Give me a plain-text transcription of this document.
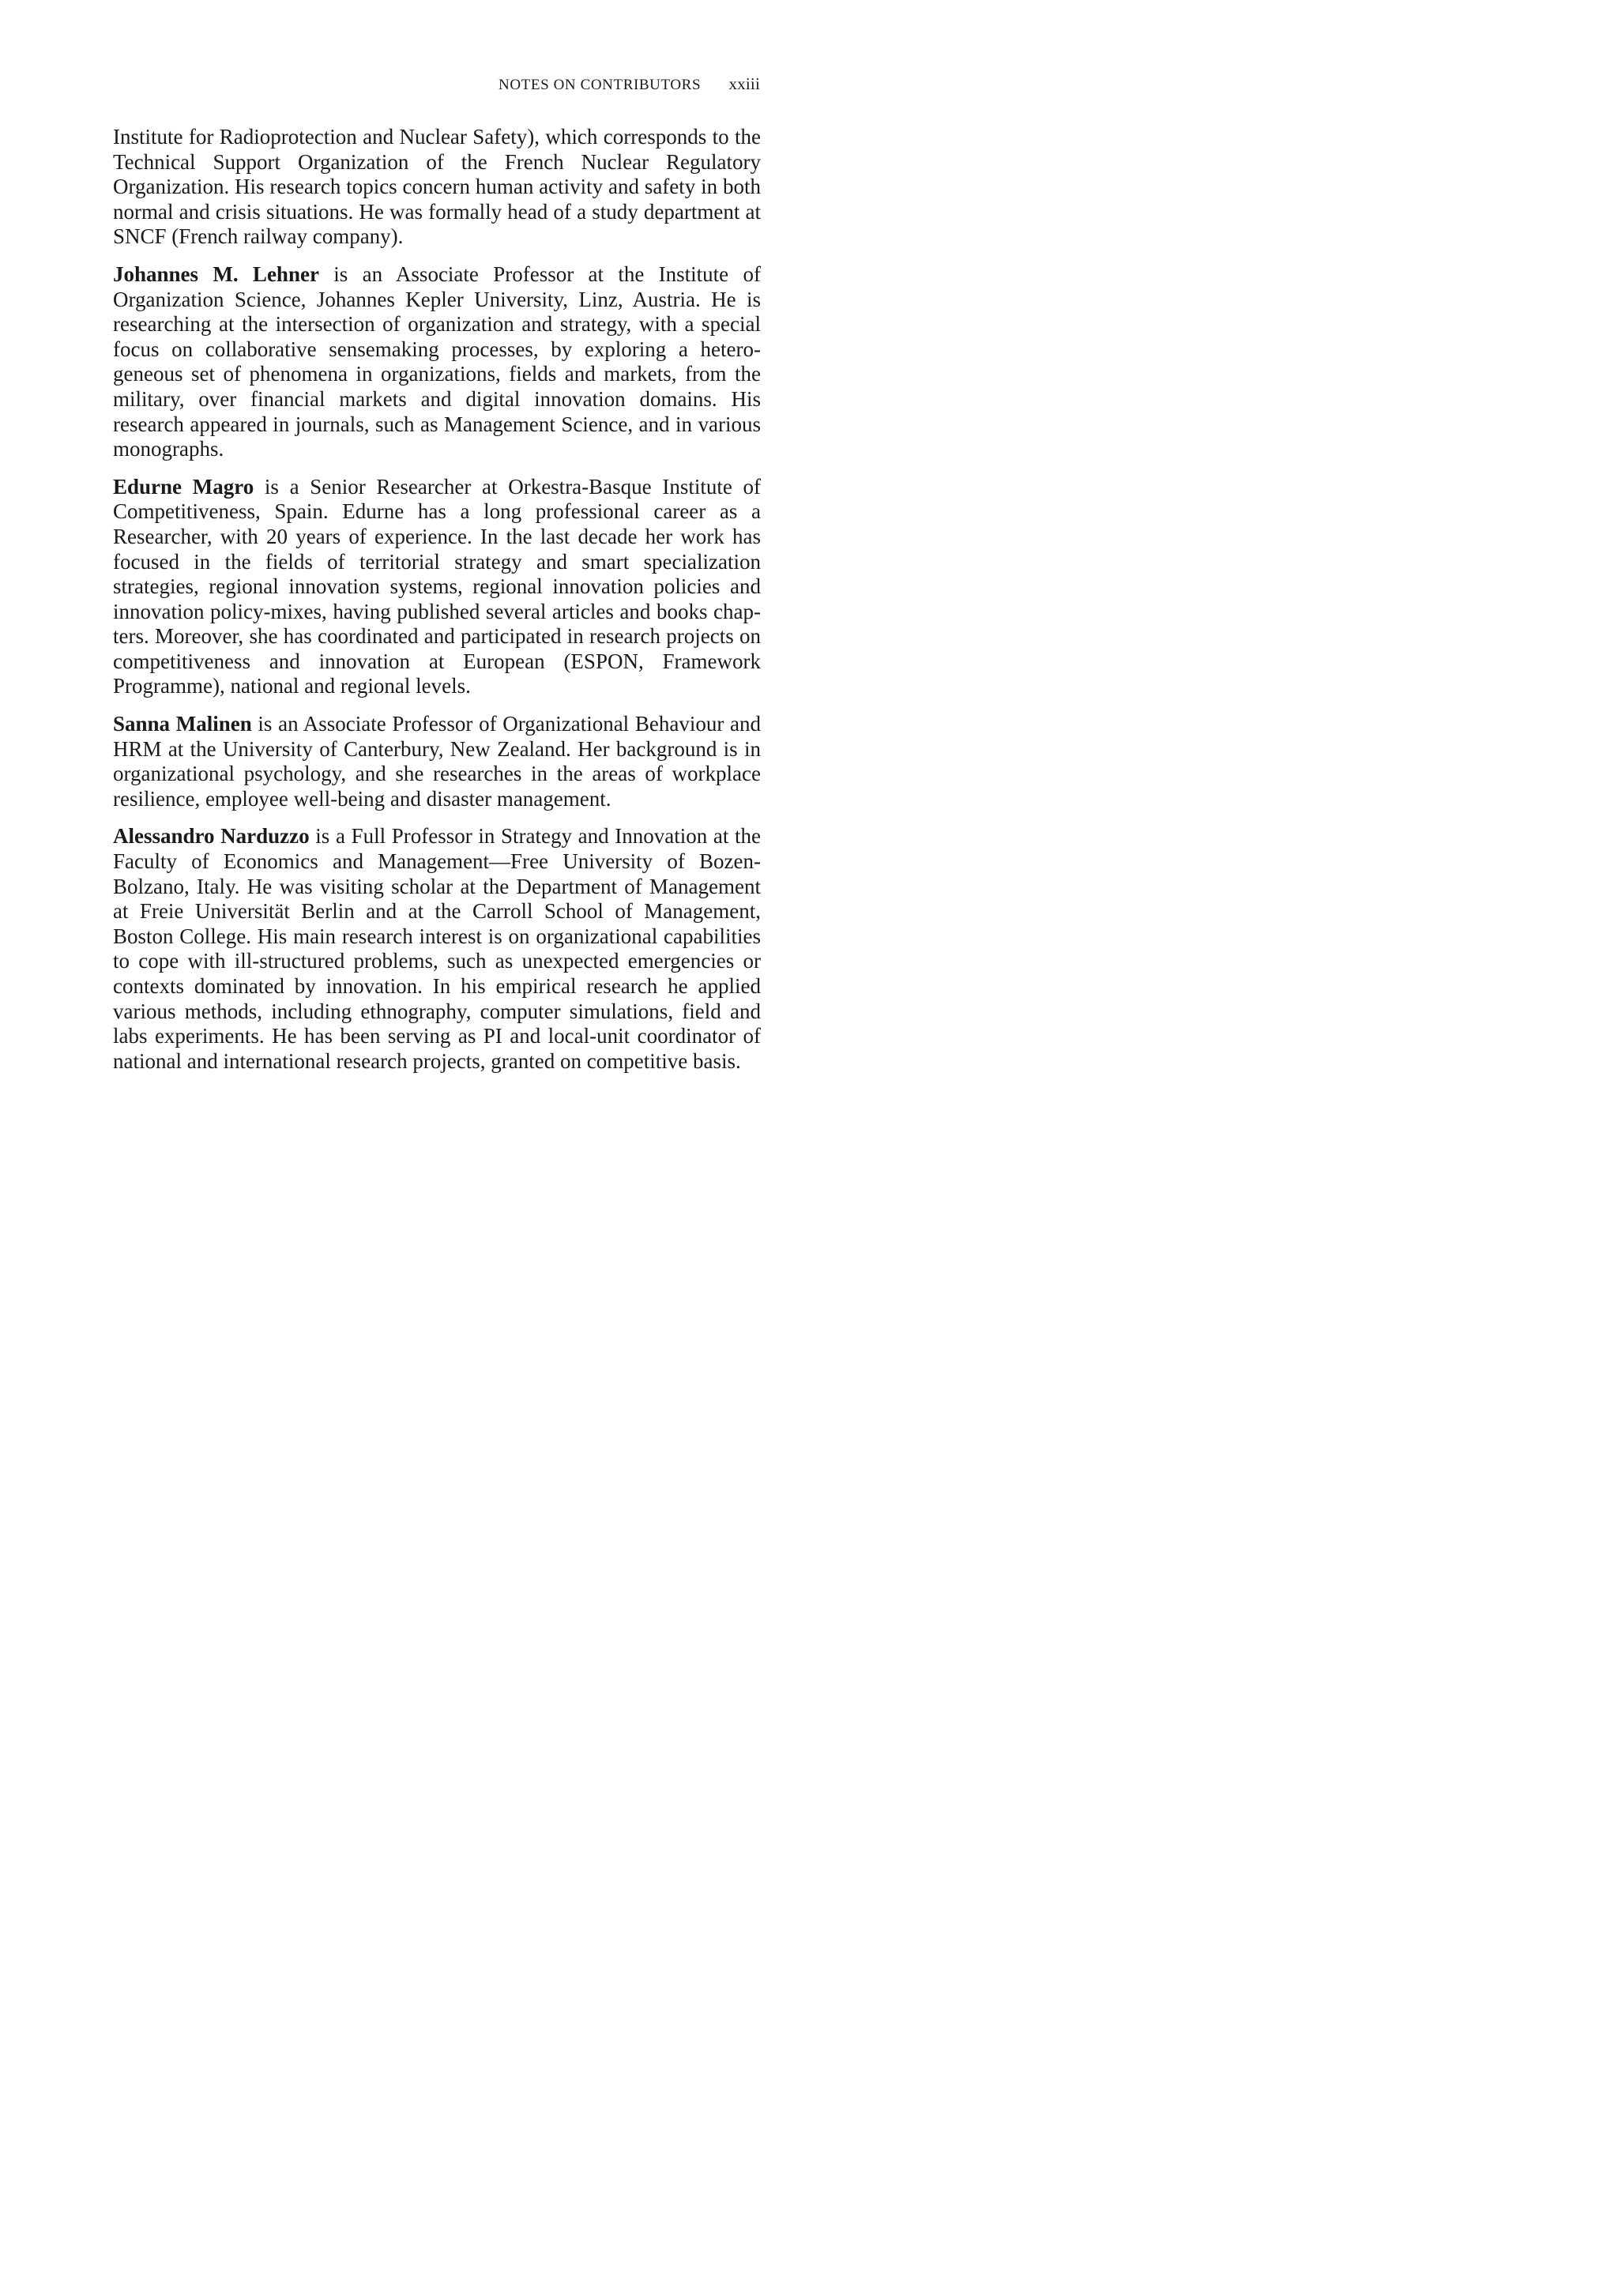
NOTES ON CONTRIBUTORS xxiii

Institute for Radioprotection and Nuclear Safety), which corresponds to the Technical Support Organization of the French Nuclear Regulatory Organization. His research topics concern human activity and safety in both normal and crisis situations. He was formally head of a study department at SNCF (French railway company).

Johannes M. Lehner is an Associate Professor at the Institute of Organization Science, Johannes Kepler University, Linz, Austria. He is researching at the intersection of organization and strategy, with a special focus on collaborative sensemaking processes, by exploring a heterogeneous set of phenomena in organizations, fields and markets, from the military, over financial markets and digital innovation domains. His research appeared in journals, such as Management Science, and in various monographs.

Edurne Magro is a Senior Researcher at Orkestra-Basque Institute of Competitiveness, Spain. Edurne has a long professional career as a Researcher, with 20 years of experience. In the last decade her work has focused in the fields of territorial strategy and smart specialization strategies, regional innovation systems, regional innovation policies and innovation policy-mixes, having published several articles and books chapters. Moreover, she has coordinated and participated in research projects on competitiveness and innovation at European (ESPON, Framework Programme), national and regional levels.

Sanna Malinen is an Associate Professor of Organizational Behaviour and HRM at the University of Canterbury, New Zealand. Her background is in organizational psychology, and she researches in the areas of workplace resilience, employee well-being and disaster management.

Alessandro Narduzzo is a Full Professor in Strategy and Innovation at the Faculty of Economics and Management—Free University of Bozen-Bolzano, Italy. He was visiting scholar at the Department of Management at Freie Universität Berlin and at the Carroll School of Management, Boston College. His main research interest is on organizational capabilities to cope with ill-structured problems, such as unexpected emergencies or contexts dominated by innovation. In his empirical research he applied various methods, including ethnography, computer simulations, field and labs experiments. He has been serving as PI and local-unit coordinator of national and international research projects, granted on competitive basis.
